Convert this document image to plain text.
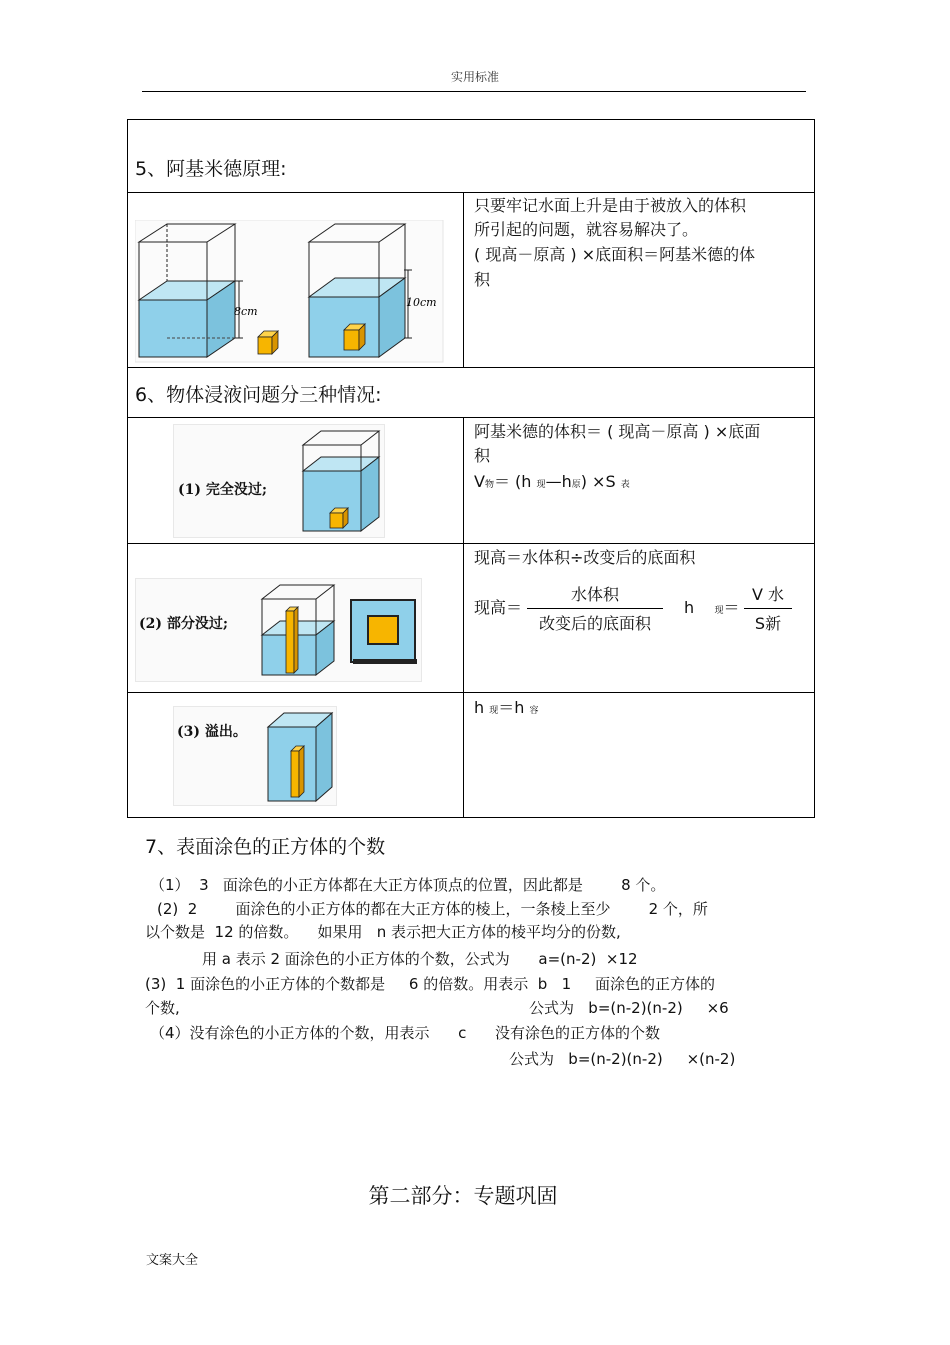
实用标准
5、阿基米德原理:
8cm
10cm
只要牢记水面上升是由于被放入的体积
所引起的问题，就容易解决了。
( 现高－原高 ) ×底面积＝阿基米德的体
积
6、物体浸液问题分三种情况:
(1) 完全没过;
阿基米德的体积＝ ( 现高－原高 ) ×底面
积
V物＝ (h 现—h原) ×S 表
(2) 部分没过;
现高＝水体积÷改变后的底面积
现高＝
水体积
改变后的底面积
h 现＝
V 水
S新
(3) 溢出。
h 现＝h 容
7、表面涂色的正方体的个数
（1）  3   面涂色的小正方体都在大正方体顶点的位置，因此都是        8 个。
(2)  2        面涂色的小正方体的都在大正方体的棱上，一条棱上至少        2 个，所
以个数是  12 的倍数。    如果用   n 表示把大正方体的棱平均分的份数,
用 a 表示 2 面涂色的小正方体的个数，公式为      a=(n-2)  ×12
(3)  1 面涂色的小正方体的个数都是     6 的倍数。用表示  b   1     面涂色的正方体的
个数,	公式为   b=(n-2)(n-2)     ×6
（4）没有涂色的小正方体的个数，用表示      c      没有涂色的正方体的个数
公式为   b=(n-2)(n-2)     ×(n-2)
第二部分：专题巩固
文案大全
